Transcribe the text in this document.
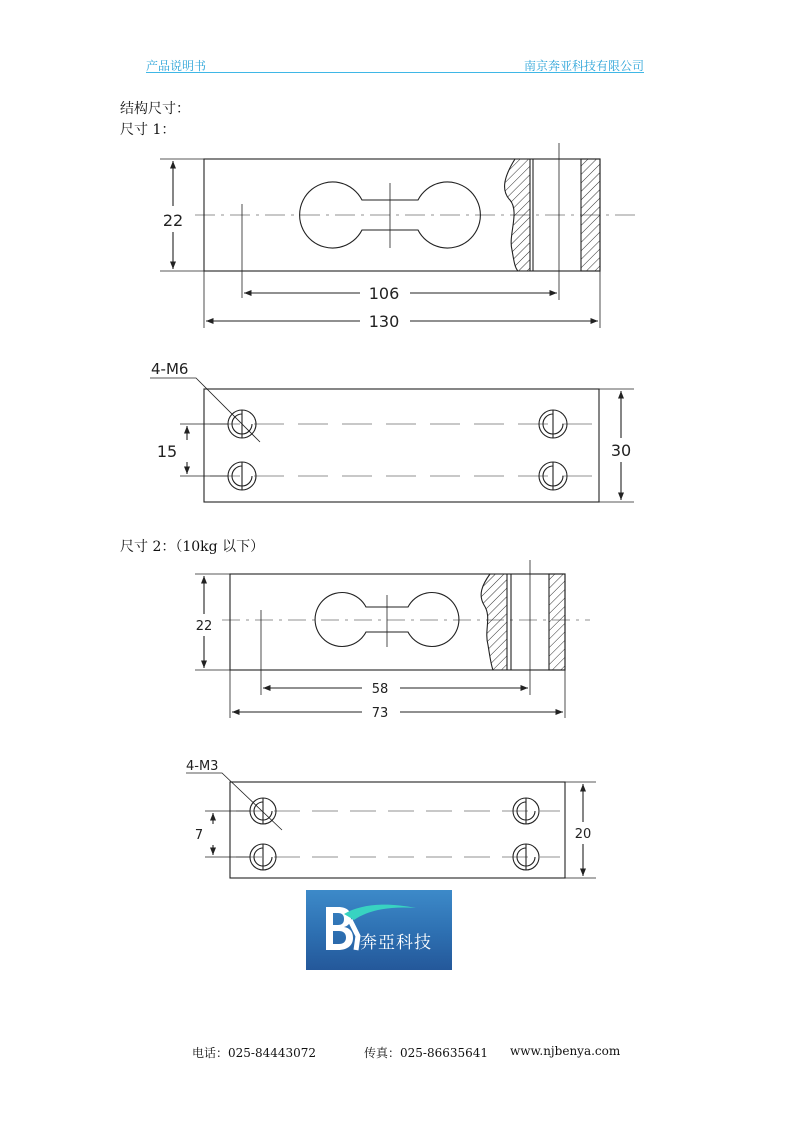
产品说明书	南京奔亚科技有限公司
结构尺寸：
尺寸 1：
尺寸 2：（10kg 以下）
22
106
130
4-M6
15	30
22
58
73
4-M3
7	20
奔亞科技
电话：025-84443072	传真：025-86635641 www.njbenya.com
